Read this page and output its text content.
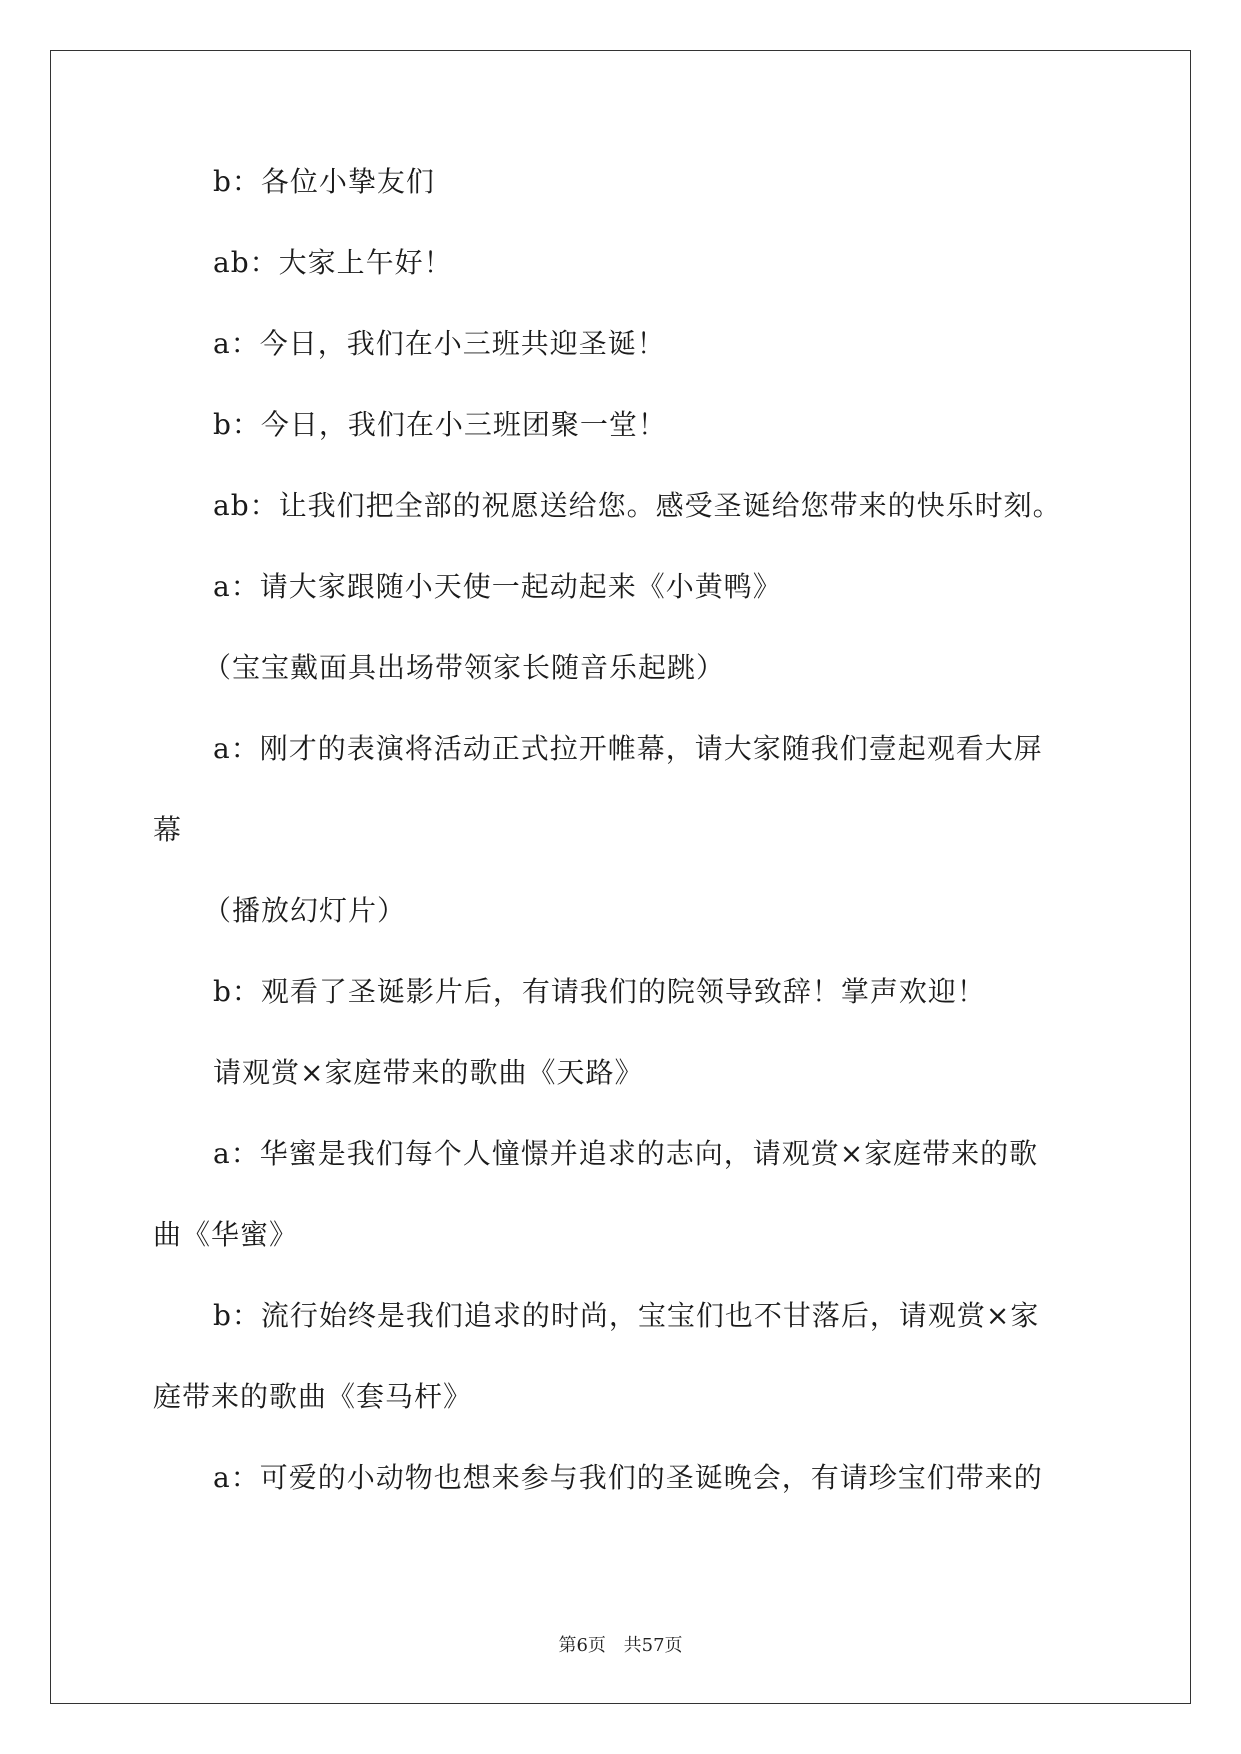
b：各位小挚友们

ab：大家上午好！

a：今日，我们在小三班共迎圣诞！

b：今日，我们在小三班团聚一堂！

ab：让我们把全部的祝愿送给您。感受圣诞给您带来的快乐时刻。

a：请大家跟随小天使一起动起来《小黄鸭》

（宝宝戴面具出场带领家长随音乐起跳）

a：刚才的表演将活动正式拉开帷幕，请大家随我们壹起观看大屏

幕

（播放幻灯片）

b：观看了圣诞影片后，有请我们的院领导致辞！掌声欢迎！

请观赏×家庭带来的歌曲《天路》

a：华蜜是我们每个人憧憬并追求的志向，请观赏×家庭带来的歌

曲《华蜜》

b：流行始终是我们追求的时尚，宝宝们也不甘落后，请观赏×家

庭带来的歌曲《套马杆》

a：可爱的小动物也想来参与我们的圣诞晚会，有请珍宝们带来的

第6页 共57页
